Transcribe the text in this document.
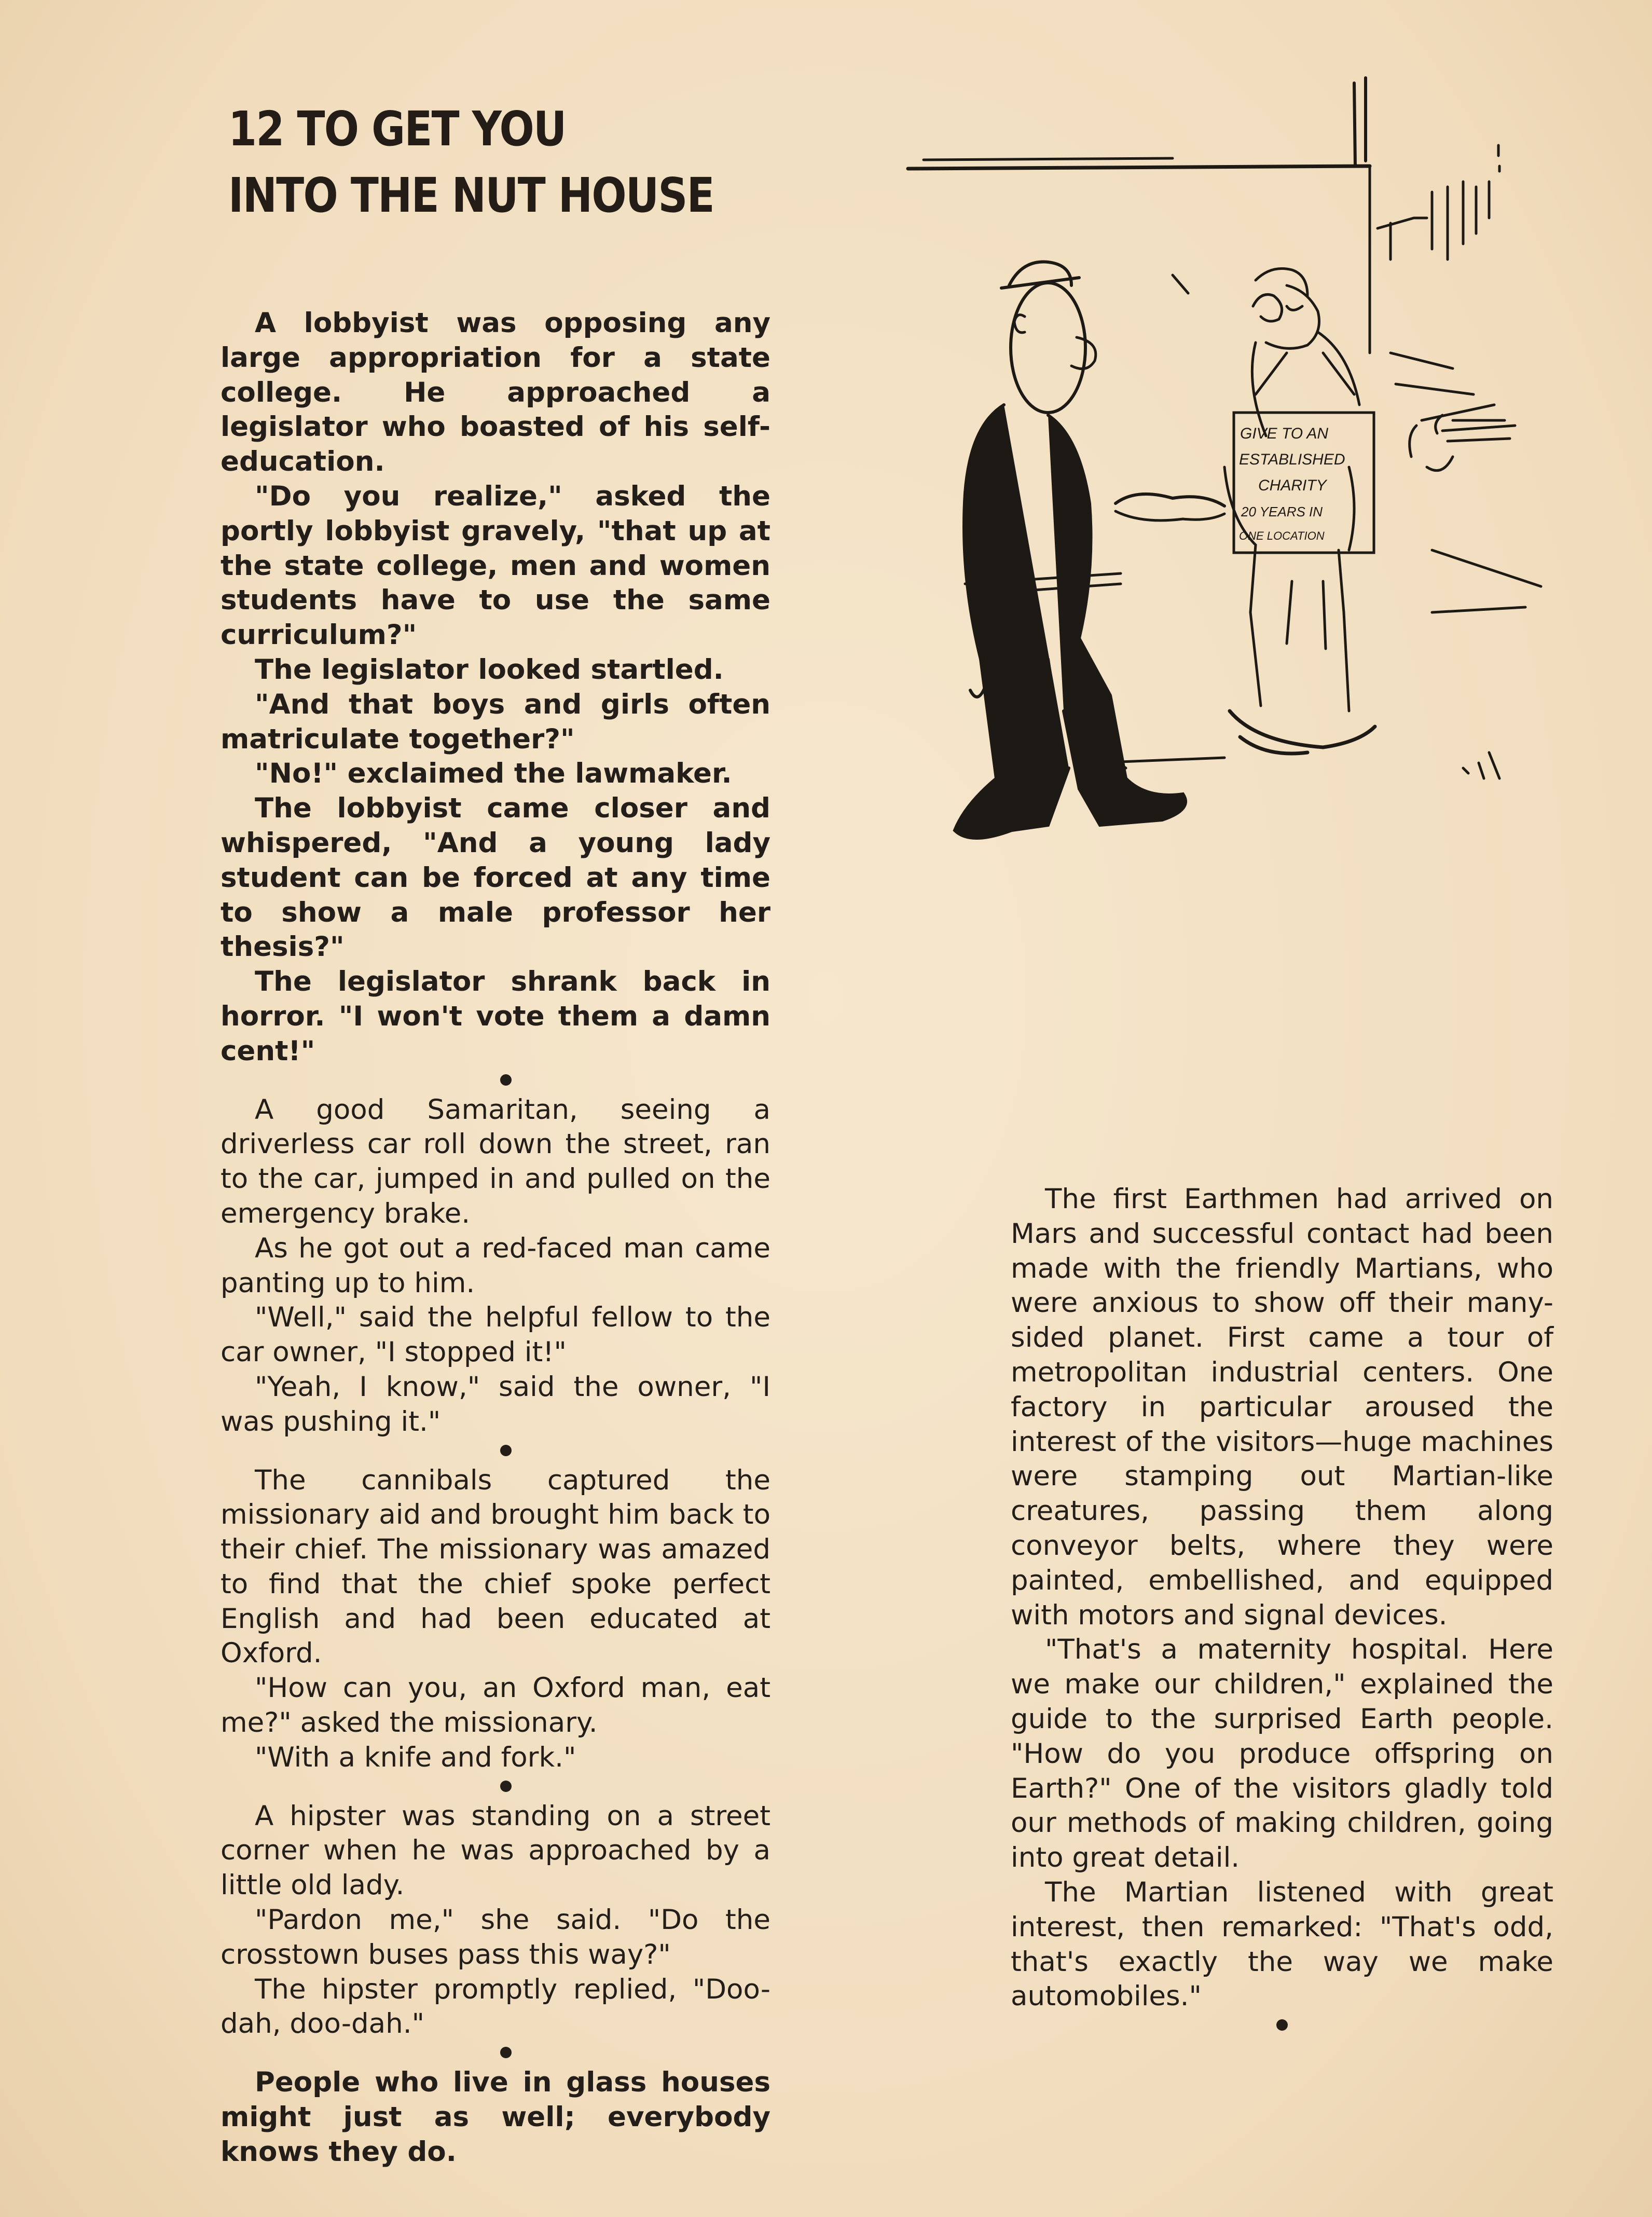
12 TO GET YOU
INTO THE NUT HOUSE

A lobbyist was opposing any large appropriation for a state college. He approached a legislator who boasted of his self-education.

"Do you realize," asked the portly lobbyist gravely, "that up at the state college, men and women students have to use the same curriculum?"

The legislator looked startled.

"And that boys and girls often matriculate together?"

"No!" exclaimed the lawmaker.

The lobbyist came closer and whispered, "And a young lady student can be forced at any time to show a male professor her thesis?"

The legislator shrank back in horror. "I won't vote them a damn cent!"

A good Samaritan, seeing a driverless car roll down the street, ran to the car, jumped in and pulled on the emergency brake.

As he got out a red-faced man came panting up to him.

"Well," said the helpful fellow to the car owner, "I stopped it!"

"Yeah, I know," said the owner, "I was pushing it."

The cannibals captured the missionary aid and brought him back to their chief. The missionary was amazed to find that the chief spoke perfect English and had been educated at Oxford.

"How can you, an Oxford man, eat me?" asked the missionary.

"With a knife and fork."

A hipster was standing on a street corner when he was approached by a little old lady.

"Pardon me," she said. "Do the crosstown buses pass this way?"

The hipster promptly replied, "Doo-dah, doo-dah."

People who live in glass houses might just as well; everybody knows they do.

GIVE TO AN
ESTABLISHED
CHARITY
20 YEARS IN
ONE LOCATION

The first Earthmen had arrived on Mars and successful contact had been made with the friendly Martians, who were anxious to show off their many-sided planet. First came a tour of metropolitan industrial centers. One factory in particular aroused the interest of the visitors—huge machines were stamping out Martian-like creatures, passing them along conveyor belts, where they were painted, embellished, and equipped with motors and signal devices.

"That's a maternity hospital. Here we make our children," explained the guide to the surprised Earth people. "How do you produce offspring on Earth?" One of the visitors gladly told our methods of making children, going into great detail.

The Martian listened with great interest, then remarked: "That's odd, that's exactly the way we make automobiles."
